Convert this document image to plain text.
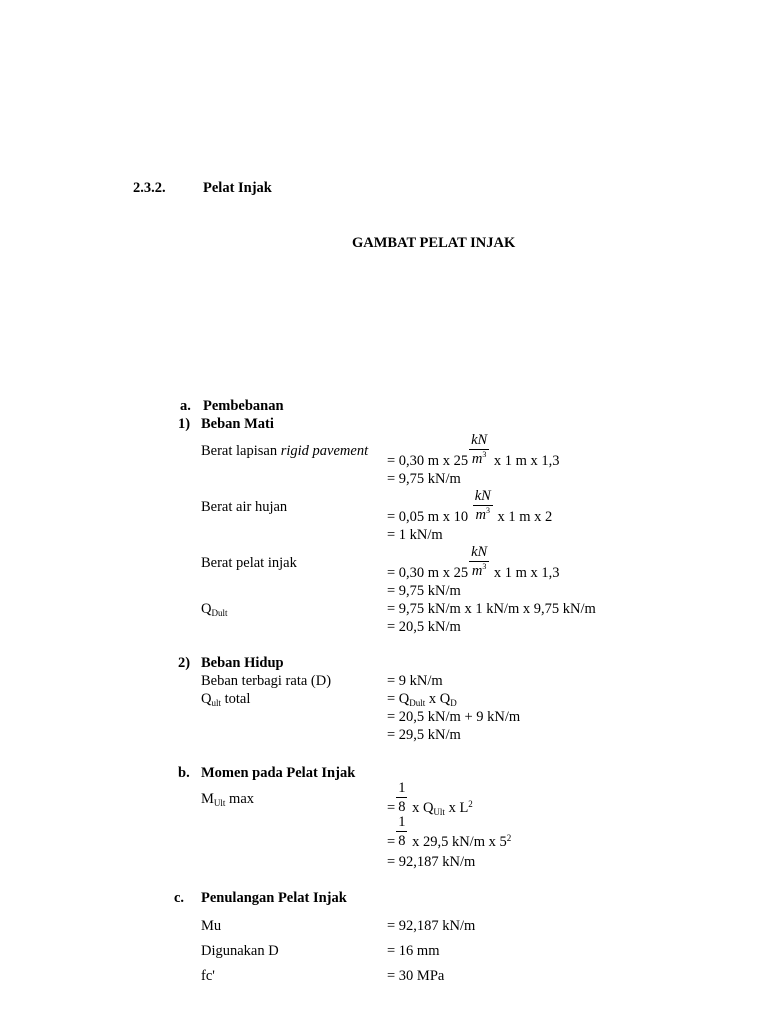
2.3.2.	Pelat Injak
GAMBAT PELAT INJAK
a. Pembebanan
1) Beban Mati
Berat lapisan rigid pavement
= 0,30 m x $25 \frac{kN}{m^3}$ x 1 m x 1,3
= 9,75 kN/m
Berat air hujan
= 0,05 m x $10 \frac{kN}{m^3}$ x 1 m x 2
= 1 kN/m
Berat pelat injak
= 0,30 m x $25 \frac{kN}{m^3}$ x 1 m x 1,3
= 9,75 kN/m
$Q_{Dult}$	= 9,75 kN/m x 1 kN/m x 9,75 kN/m
= 20,5 kN/m
2) Beban Hidup
Beban terbagi rata (D)	= 9 kN/m
$Q_{ult}$ total	= $Q_{Dult}$ x $Q_D$
= 20,5 kN/m + 9 kN/m
= 29,5 kN/m
b. Momen pada Pelat Injak
$M_{Ult}$ max
= $\frac{1}{8}$ x $Q_{Ult}$ x $L^2$
= $\frac{1}{8}$ x 29,5 kN/m x $5^2$
= 92,187 kN/m
c. Penulangan Pelat Injak
Mu	= 92,187 kN/m
Digunakan D	= 16 mm
fc'	= 30 MPa
